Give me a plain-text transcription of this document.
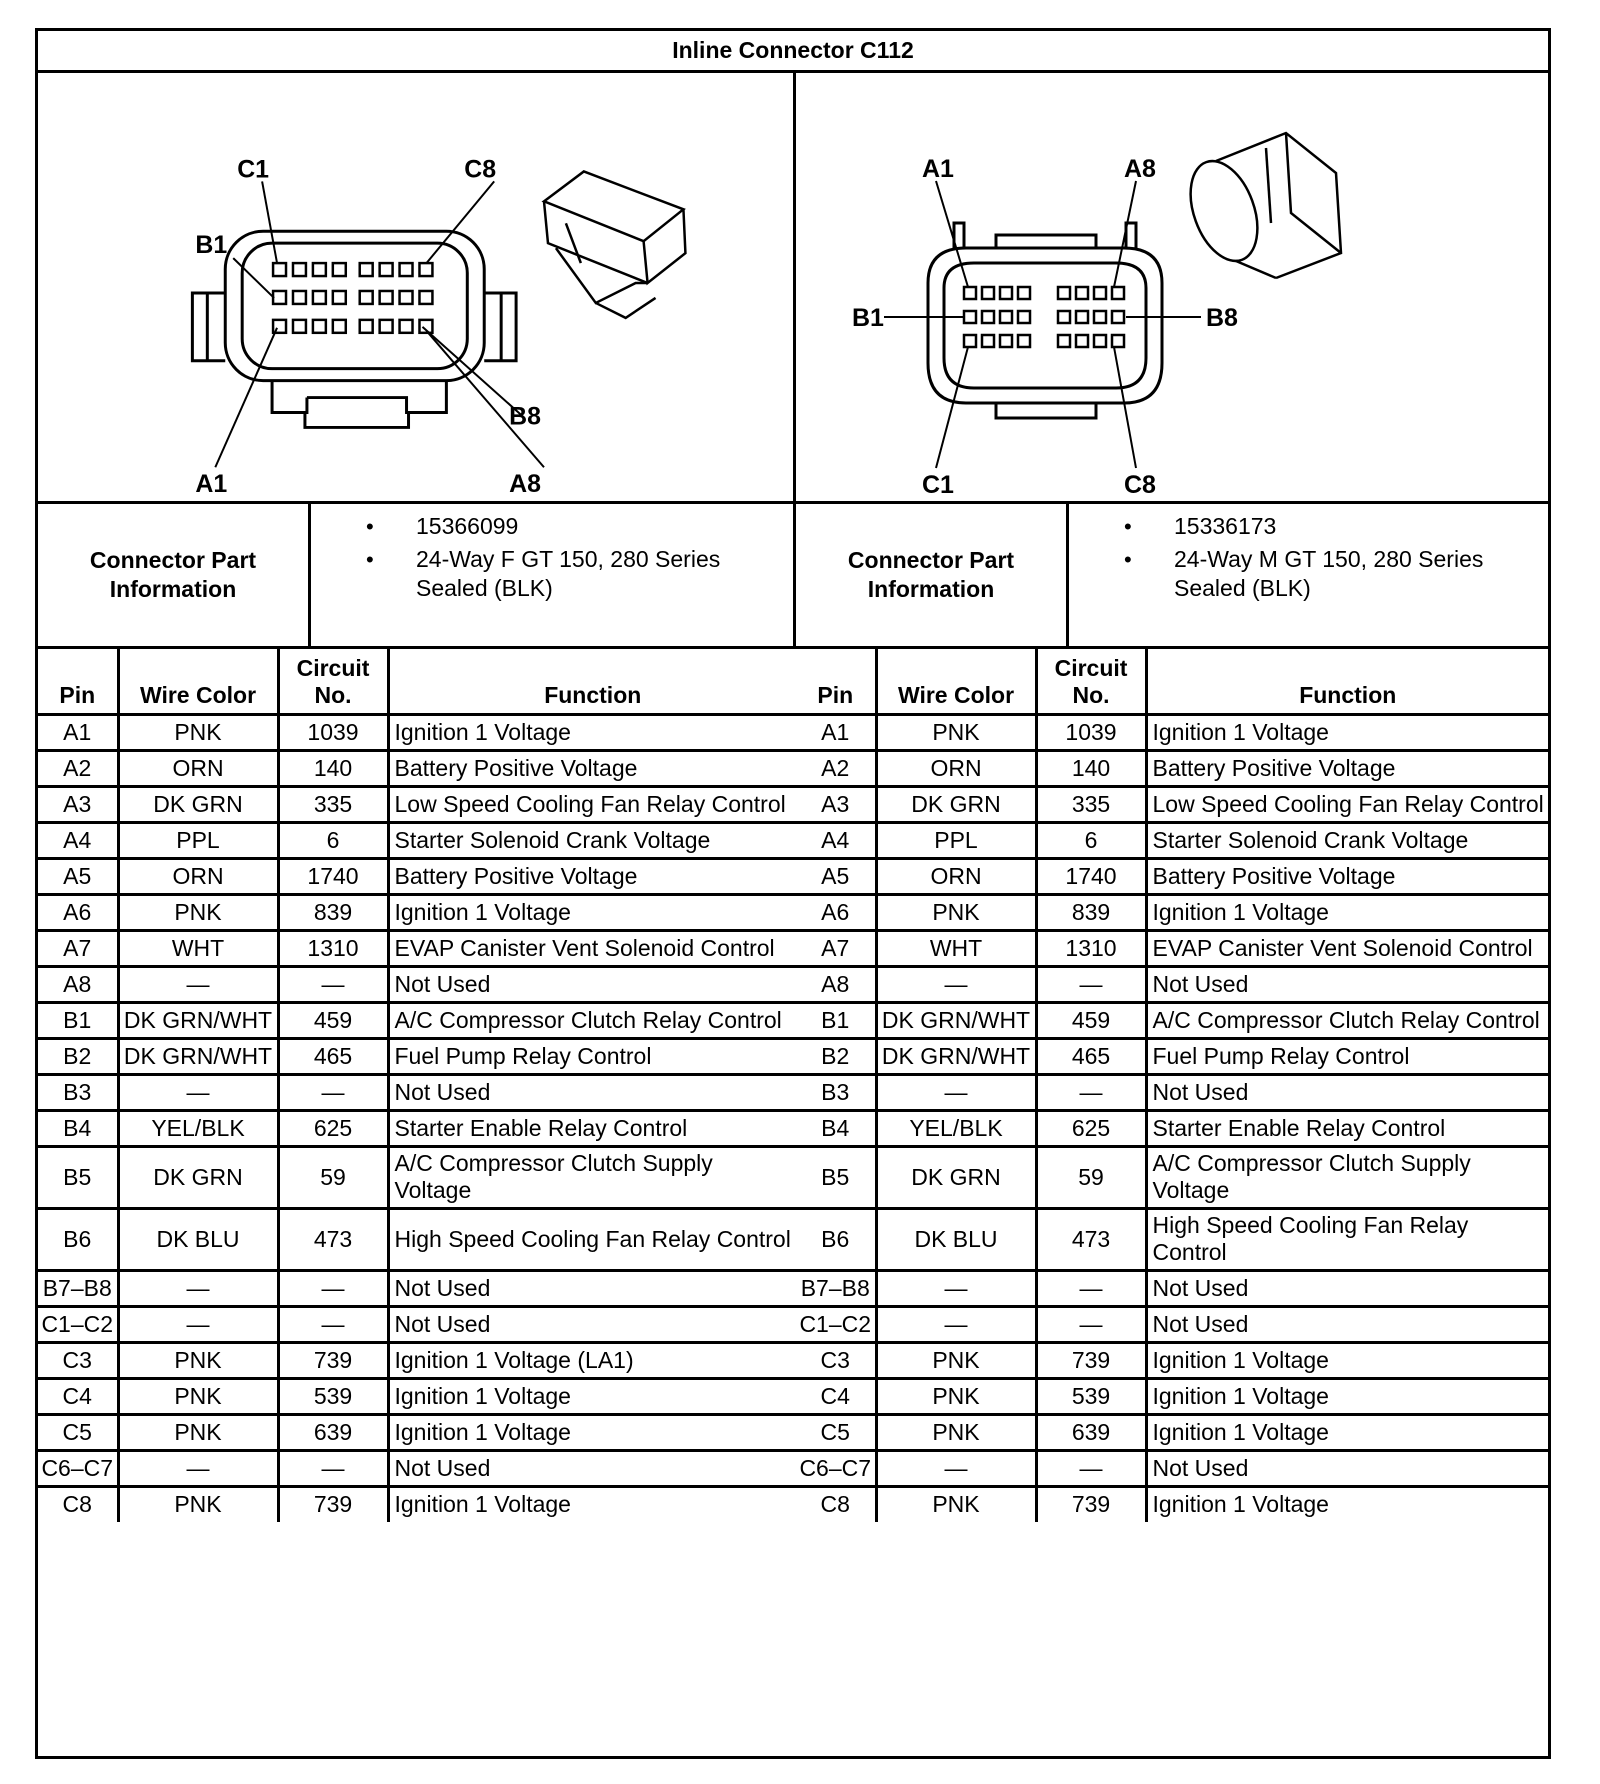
Inline Connector C112
C1	C8
B1
B8
A1	A8
A1	A8
B1	B8
C1	C8
Connector Part Information
• 15366099
• 24-Way F GT 150, 280 Series Sealed (BLK)
Connector Part Information
• 15336173
• 24-Way M GT 150, 280 Series Sealed (BLK)
Pin	Wire Color	Circuit No.	Function
A1	PNK	1039	Ignition 1 Voltage
A2	ORN	140	Battery Positive Voltage
A3	DK GRN	335	Low Speed Cooling Fan Relay Control
A4	PPL	6	Starter Solenoid Crank Voltage
A5	ORN	1740	Battery Positive Voltage
A6	PNK	839	Ignition 1 Voltage
A7	WHT	1310	EVAP Canister Vent Solenoid Control
A8	—	—	Not Used
B1	DK GRN/WHT	459	A/C Compressor Clutch Relay Control
B2	DK GRN/WHT	465	Fuel Pump Relay Control
B3	—	—	Not Used
B4	YEL/BLK	625	Starter Enable Relay Control
B5	DK GRN	59	A/C Compressor Clutch Supply Voltage
B6	DK BLU	473	High Speed Cooling Fan Relay Control
B7–B8	—	—	Not Used
C1–C2	—	—	Not Used
C3	PNK	739	Ignition 1 Voltage (LA1)
C4	PNK	539	Ignition 1 Voltage
C5	PNK	639	Ignition 1 Voltage
C6–C7	—	—	Not Used
C8	PNK	739	Ignition 1 Voltage
Pin	Wire Color	Circuit No.	Function
A1	PNK	1039	Ignition 1 Voltage
A2	ORN	140	Battery Positive Voltage
A3	DK GRN	335	Low Speed Cooling Fan Relay Control
A4	PPL	6	Starter Solenoid Crank Voltage
A5	ORN	1740	Battery Positive Voltage
A6	PNK	839	Ignition 1 Voltage
A7	WHT	1310	EVAP Canister Vent Solenoid Control
A8	—	—	Not Used
B1	DK GRN/WHT	459	A/C Compressor Clutch Relay Control
B2	DK GRN/WHT	465	Fuel Pump Relay Control
B3	—	—	Not Used
B4	YEL/BLK	625	Starter Enable Relay Control
B5	DK GRN	59	A/C Compressor Clutch Supply Voltage
B6	DK BLU	473	High Speed Cooling Fan Relay Control
B7–B8	—	—	Not Used
C1–C2	—	—	Not Used
C3	PNK	739	Ignition 1 Voltage
C4	PNK	539	Ignition 1 Voltage
C5	PNK	639	Ignition 1 Voltage
C6–C7	—	—	Not Used
C8	PNK	739	Ignition 1 Voltage
